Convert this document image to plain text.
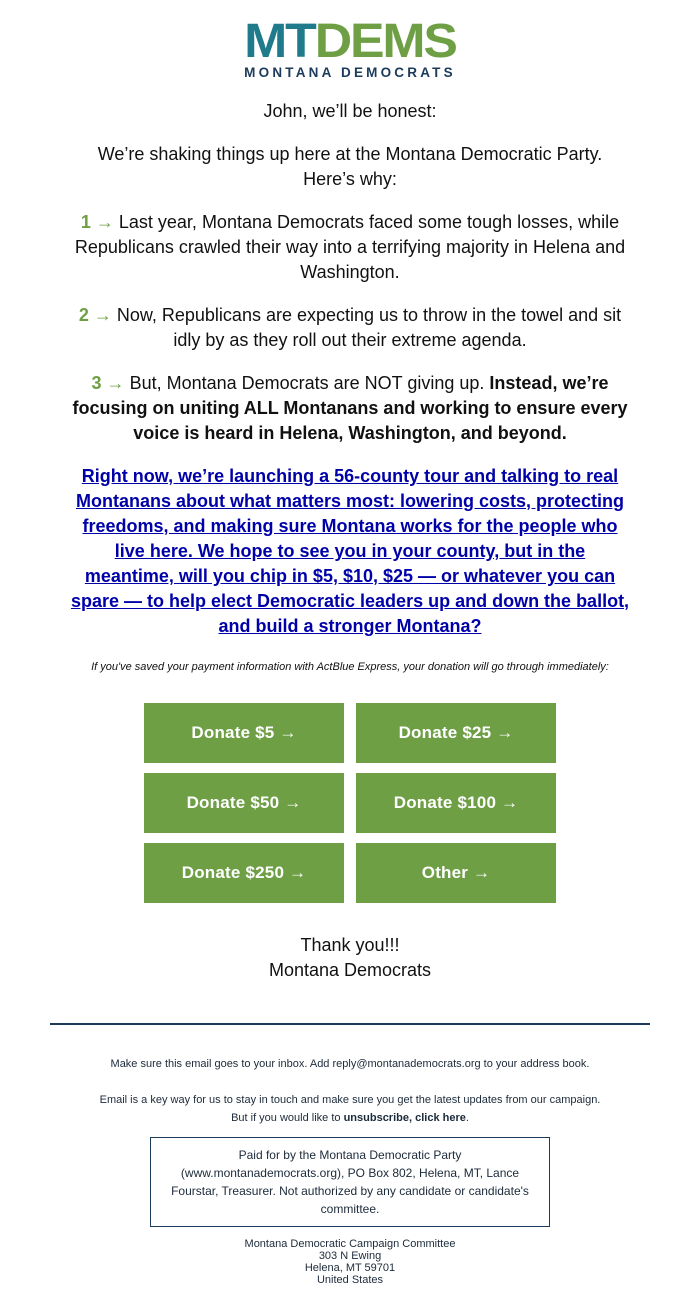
MTDEMS
MONTANA DEMOCRATS
John, we’ll be honest:
We’re shaking things up here at the Montana Democratic Party. Here’s why:
1 → Last year, Montana Democrats faced some tough losses, while Republicans crawled their way into a terrifying majority in Helena and Washington.
2 → Now, Republicans are expecting us to throw in the towel and sit idly by as they roll out their extreme agenda.
3 → But, Montana Democrats are NOT giving up. Instead, we’re focusing on uniting ALL Montanans and working to ensure every voice is heard in Helena, Washington, and beyond.
Right now, we’re launching a 56-county tour and talking to real Montanans about what matters most: lowering costs, protecting freedoms, and making sure Montana works for the people who live here. We hope to see you in your county, but in the meantime, will you chip in $5, $10, $25 — or whatever you can spare — to help elect Democratic leaders up and down the ballot, and build a stronger Montana?
If you've saved your payment information with ActBlue Express, your donation will go through immediately:
Donate $5 →	Donate $25 →
Donate $50 →	Donate $100 →
Donate $250 →	Other →
Thank you!!!
Montana Democrats
Make sure this email goes to your inbox. Add reply@montanademocrats.org to your address book.
Email is a key way for us to stay in touch and make sure you get the latest updates from our campaign.
But if you would like to unsubscribe, click here.
Paid for by the Montana Democratic Party (www.montanademocrats.org), PO Box 802, Helena, MT, Lance Fourstar, Treasurer. Not authorized by any candidate or candidate's committee.
Montana Democratic Campaign Committee
303 N Ewing
Helena, MT 59701
United States
